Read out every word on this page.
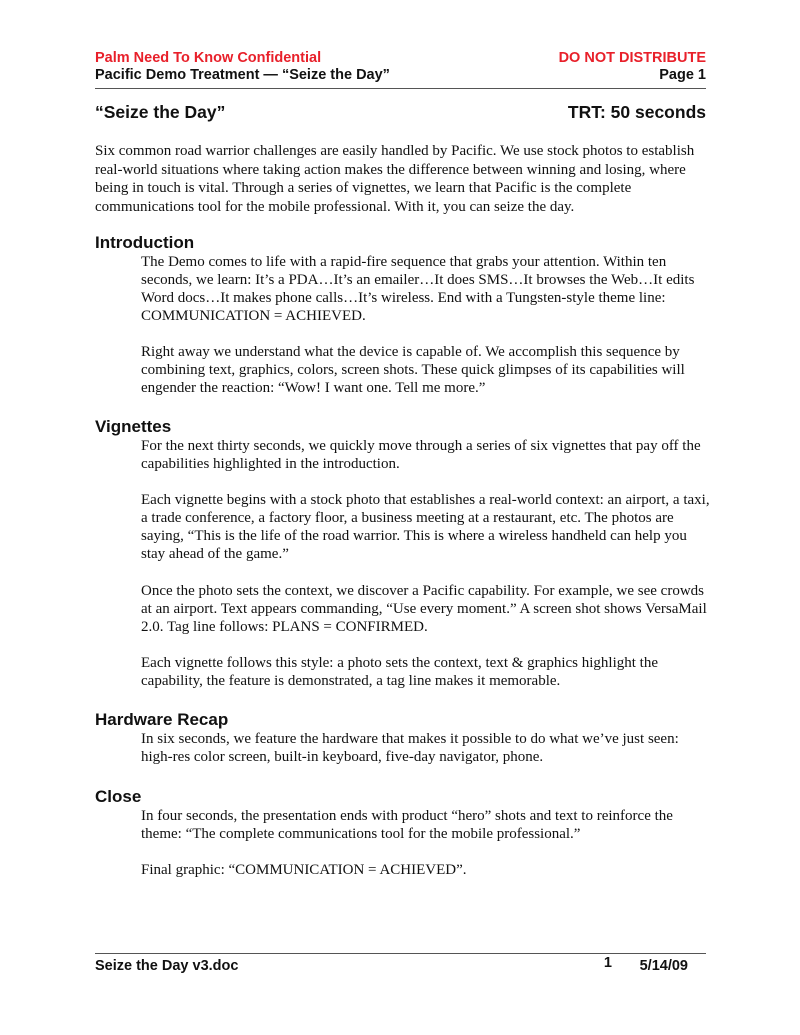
Palm Need To Know Confidential	DO NOT DISTRIBUTE
Pacific Demo Treatment — “Seize the Day”	Page 1
“Seize the Day”	TRT: 50 seconds

Six common road warrior challenges are easily handled by Pacific. We use stock photos to establish real-world situations where taking action makes the difference between winning and losing, where being in touch is vital. Through a series of vignettes, we learn that Pacific is the complete communications tool for the mobile professional. With it, you can seize the day.

Introduction

The Demo comes to life with a rapid-fire sequence that grabs your attention. Within ten seconds, we learn: It’s a PDA…It’s an emailer…It does SMS…It browses the Web…It edits Word docs…It makes phone calls…It’s wireless. End with a Tungsten-style theme line: COMMUNICATION = ACHIEVED.

Right away we understand what the device is capable of. We accomplish this sequence by combining text, graphics, colors, screen shots. These quick glimpses of its capabilities will engender the reaction: “Wow! I want one. Tell me more.”

Vignettes

For the next thirty seconds, we quickly move through a series of six vignettes that pay off the capabilities highlighted in the introduction.

Each vignette begins with a stock photo that establishes a real-world context: an airport, a taxi, a trade conference, a factory floor, a business meeting at a restaurant, etc. The photos are saying, “This is the life of the road warrior. This is where a wireless handheld can help you stay ahead of the game.”

Once the photo sets the context, we discover a Pacific capability. For example, we see crowds at an airport. Text appears commanding, “Use every moment.” A screen shot shows VersaMail 2.0. Tag line follows: PLANS = CONFIRMED.

Each vignette follows this style: a photo sets the context, text & graphics highlight the capability, the feature is demonstrated, a tag line makes it memorable.

Hardware Recap

In six seconds, we feature the hardware that makes it possible to do what we’ve just seen: high-res color screen, built-in keyboard, five-day navigator, phone.

Close

In four seconds, the presentation ends with product “hero” shots and text to reinforce the theme: “The complete communications tool for the mobile professional.”

Final graphic: “COMMUNICATION = ACHIEVED”.

Seize the Day v3.doc	5/14/09
1
